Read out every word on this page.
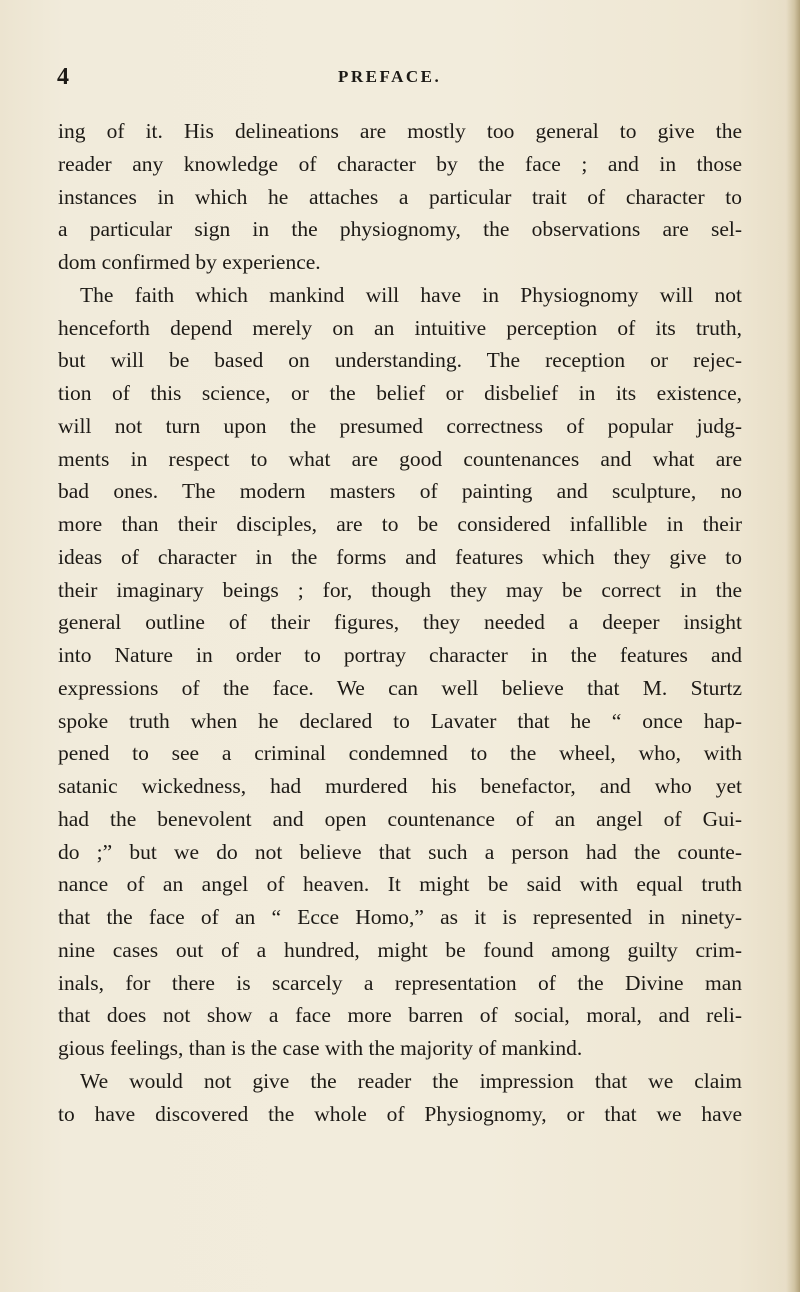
4	PREFACE.
ing of it. His delineations are mostly too general to give the
reader any knowledge of character by the face ; and in those
instances in which he attaches a particular trait of character to
a particular sign in the physiognomy, the observations are sel-
dom confirmed by experience.
The faith which mankind will have in Physiognomy will not
henceforth depend merely on an intuitive perception of its truth,
but will be based on understanding. The reception or rejec-
tion of this science, or the belief or disbelief in its existence,
will not turn upon the presumed correctness of popular judg-
ments in respect to what are good countenances and what are
bad ones. The modern masters of painting and sculpture, no
more than their disciples, are to be considered infallible in their
ideas of character in the forms and features which they give to
their imaginary beings ; for, though they may be correct in the
general outline of their figures, they needed a deeper insight
into Nature in order to portray character in the features and
expressions of the face. We can well believe that M. Sturtz
spoke truth when he declared to Lavater that he “ once hap-
pened to see a criminal condemned to the wheel, who, with
satanic wickedness, had murdered his benefactor, and who yet
had the benevolent and open countenance of an angel of Gui-
do ;” but we do not believe that such a person had the counte-
nance of an angel of heaven. It might be said with equal truth
that the face of an “ Ecce Homo,” as it is represented in ninety-
nine cases out of a hundred, might be found among guilty crim-
inals, for there is scarcely a representation of the Divine man
that does not show a face more barren of social, moral, and reli-
gious feelings, than is the case with the majority of mankind.
We would not give the reader the impression that we claim
to have discovered the whole of Physiognomy, or that we have
